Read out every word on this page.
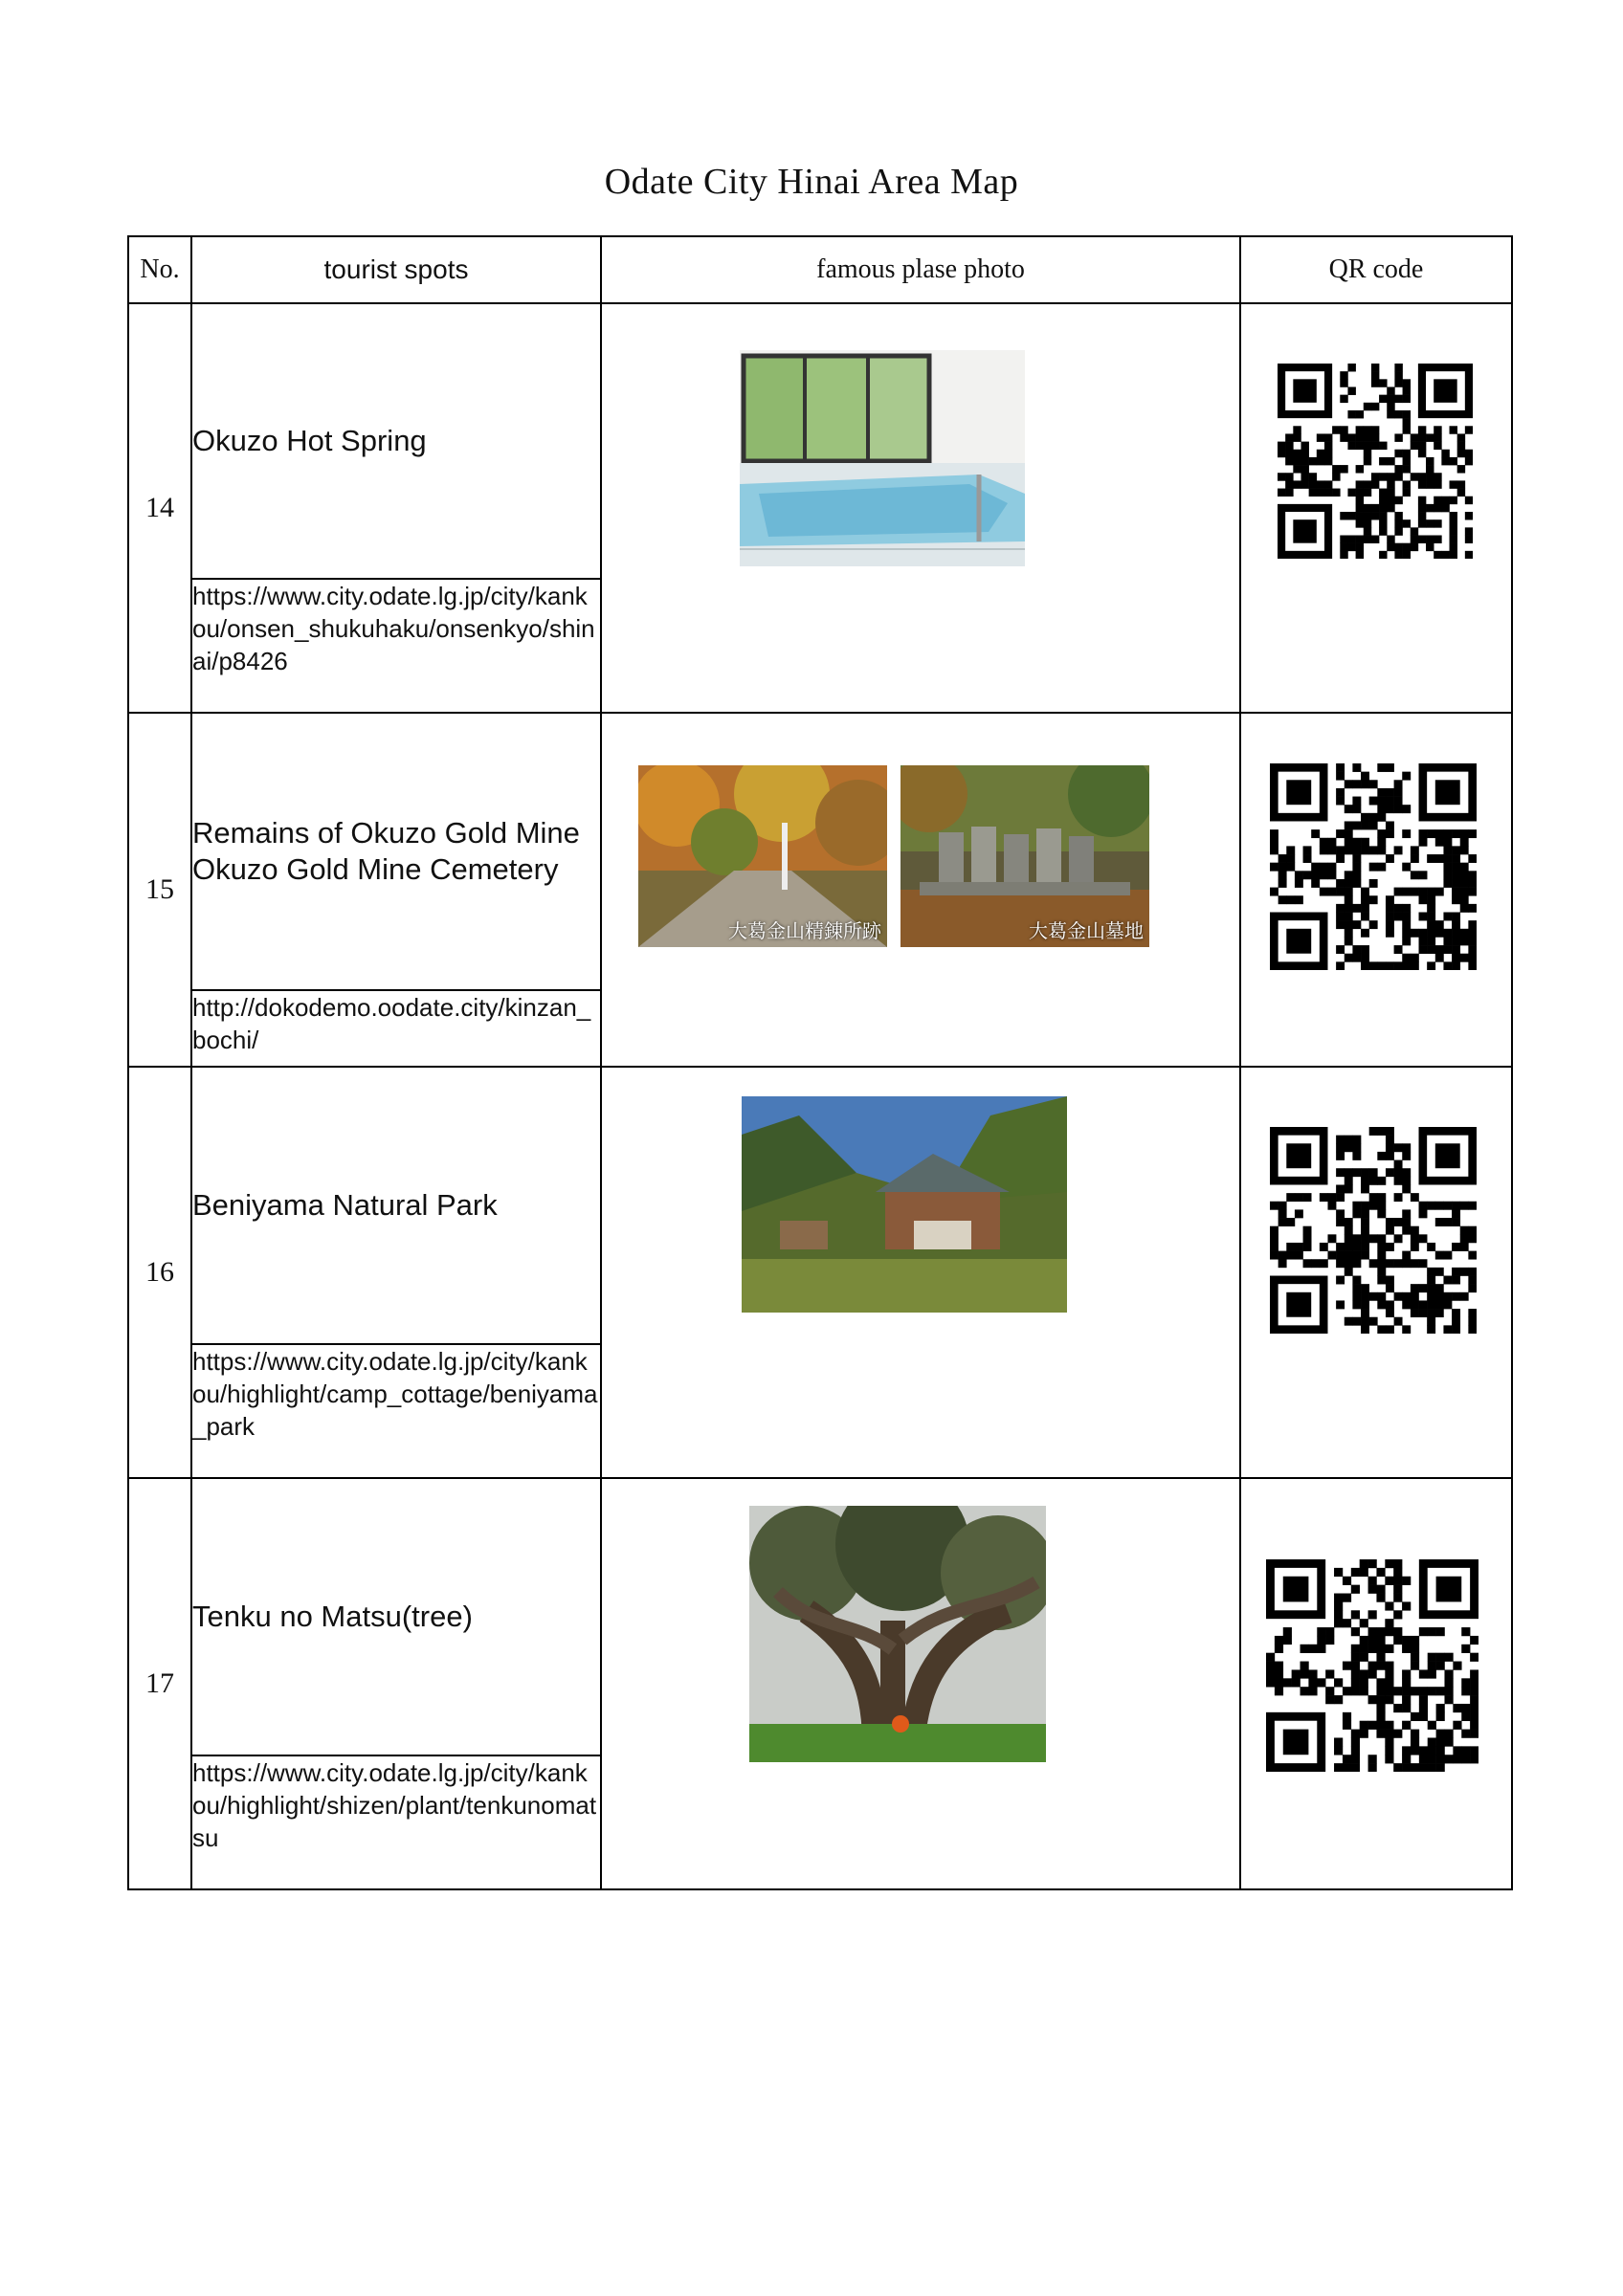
Odate City Hinai Area Map
No.	tourist spots	famous plase photo	QR code
14	Okuzo Hot Spring	

	https://www.city.odate.lg.jp/city/kankou/onsen_shukuhaku/onsenkyo/shinai/p8426		
15	Remains of Okuzo Gold Mine Okuzo Gold Mine Cemetery	大葛金山精錬所跡 大葛金山墓地

	http://dokodemo.oodate.city/kinzan_bochi/		
16	Beniyama Natural Park	

	https://www.city.odate.lg.jp/city/kankou/highlight/camp_cottage/beniyama_park		
17	Tenku no Matsu(tree)	

	https://www.city.odate.lg.jp/city/kankou/highlight/shizen/plant/tenkunomatsu		
